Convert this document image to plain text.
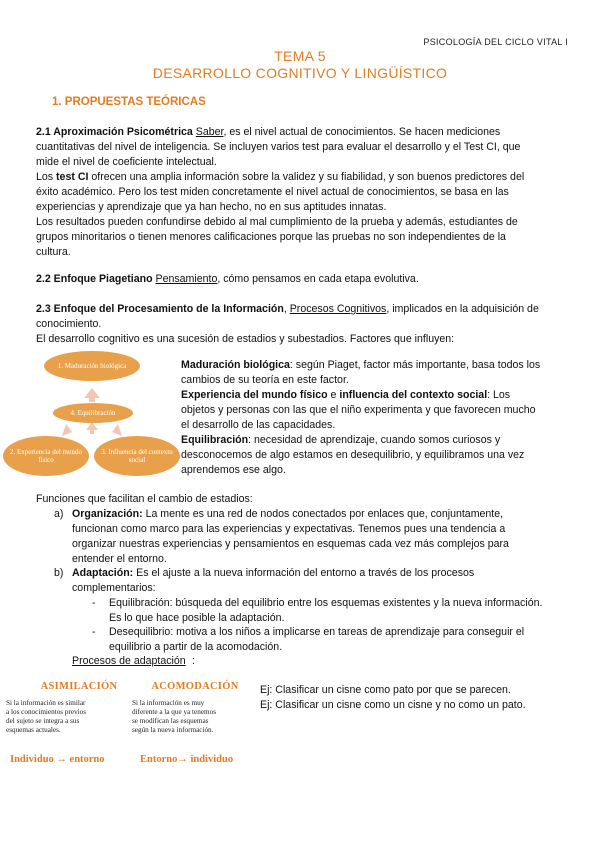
PSICOLOGÍA DEL CICLO VITAL I
TEMA 5
DESARROLLO COGNITIVO Y LINGÜÍSTICO
1. PROPUESTAS TEÓRICAS
2.1 Aproximación Psicométrica Saber, es el nivel actual de conocimientos. Se hacen mediciones
cuantitativas del nivel de inteligencia. Se incluyen varios test para evaluar el desarrollo y el Test CI, que
mide el nivel de coeficiente intelectual.
Los test CI ofrecen una amplia información sobre la validez y su fiabilidad, y son buenos predictores del
éxito académico. Pero los test miden concretamente el nivel actual de conocimientos, se basa en las
experiencias y aprendizaje que ya han hecho, no en sus aptitudes innatas.
Los resultados pueden confundirse debido al mal cumplimiento de la prueba y además, estudiantes de
grupos minoritarios o tienen menores calificaciones porque las pruebas no son independientes de la
cultura.
2.2 Enfoque Piagetiano Pensamiento, cómo pensamos en cada etapa evolutiva.
2.3 Enfoque del Procesamiento de la Información, Procesos Cognitivos, implicados en la adquisición de
conocimiento.
El desarrollo cognitivo es una sucesión de estadios y subestadios. Factores que influyen:
1. Maduración biológica
4. Equilibración
2. Experiencia del mundo físico
3. Influencia del contexto social
Maduración biológica: según Piaget, factor más importante, basa todos los
cambios de su teoría en este factor.
Experiencia del mundo físico e influencia del contexto social: Los
objetos y personas con las que el niño experimenta y que favorecen mucho
el desarrollo de las capacidades.
Equilibración: necesidad de aprendizaje, cuando somos curiosos y
desconocemos de algo estamos en desequilibrio, y equilibramos una vez
aprendemos ese algo.
Funciones que facilitan el cambio de estadios:
a) Organización: La mente es una red de nodos conectados por enlaces que, conjuntamente,
funcionan como marco para las experiencias y expectativas. Tenemos pues una tendencia a
organizar nuestras experiencias y pensamientos en esquemas cada vez más complejos para
entender el entorno.
b) Adaptación: Es el ajuste a la nueva información del entorno a través de los procesos
complementarios:
- Equilibración: búsqueda del equilibrio entre los esquemas existentes y la nueva información.
Es lo que hace posible la adaptación.
- Desequilibrio: motiva a los niños a implicarse en tareas de aprendizaje para conseguir el
equilibrio a partir de la acomodación.
Procesos de adaptación :
ASIMILACIÓN	ACOMODACIÓN
Si la información es similar
a los conocimientos previos
del sujeto se integra a sus
esquemas actuales.
Si la información es muy
diferente a la que ya tenemos
se modifican las esquemas
según la nueva información.
Individuo → entorno	Entorno→ individuo
Ej: Clasificar un cisne como pato por que se parecen.
Ej: Clasificar un cisne como un cisne y no como un pato.
